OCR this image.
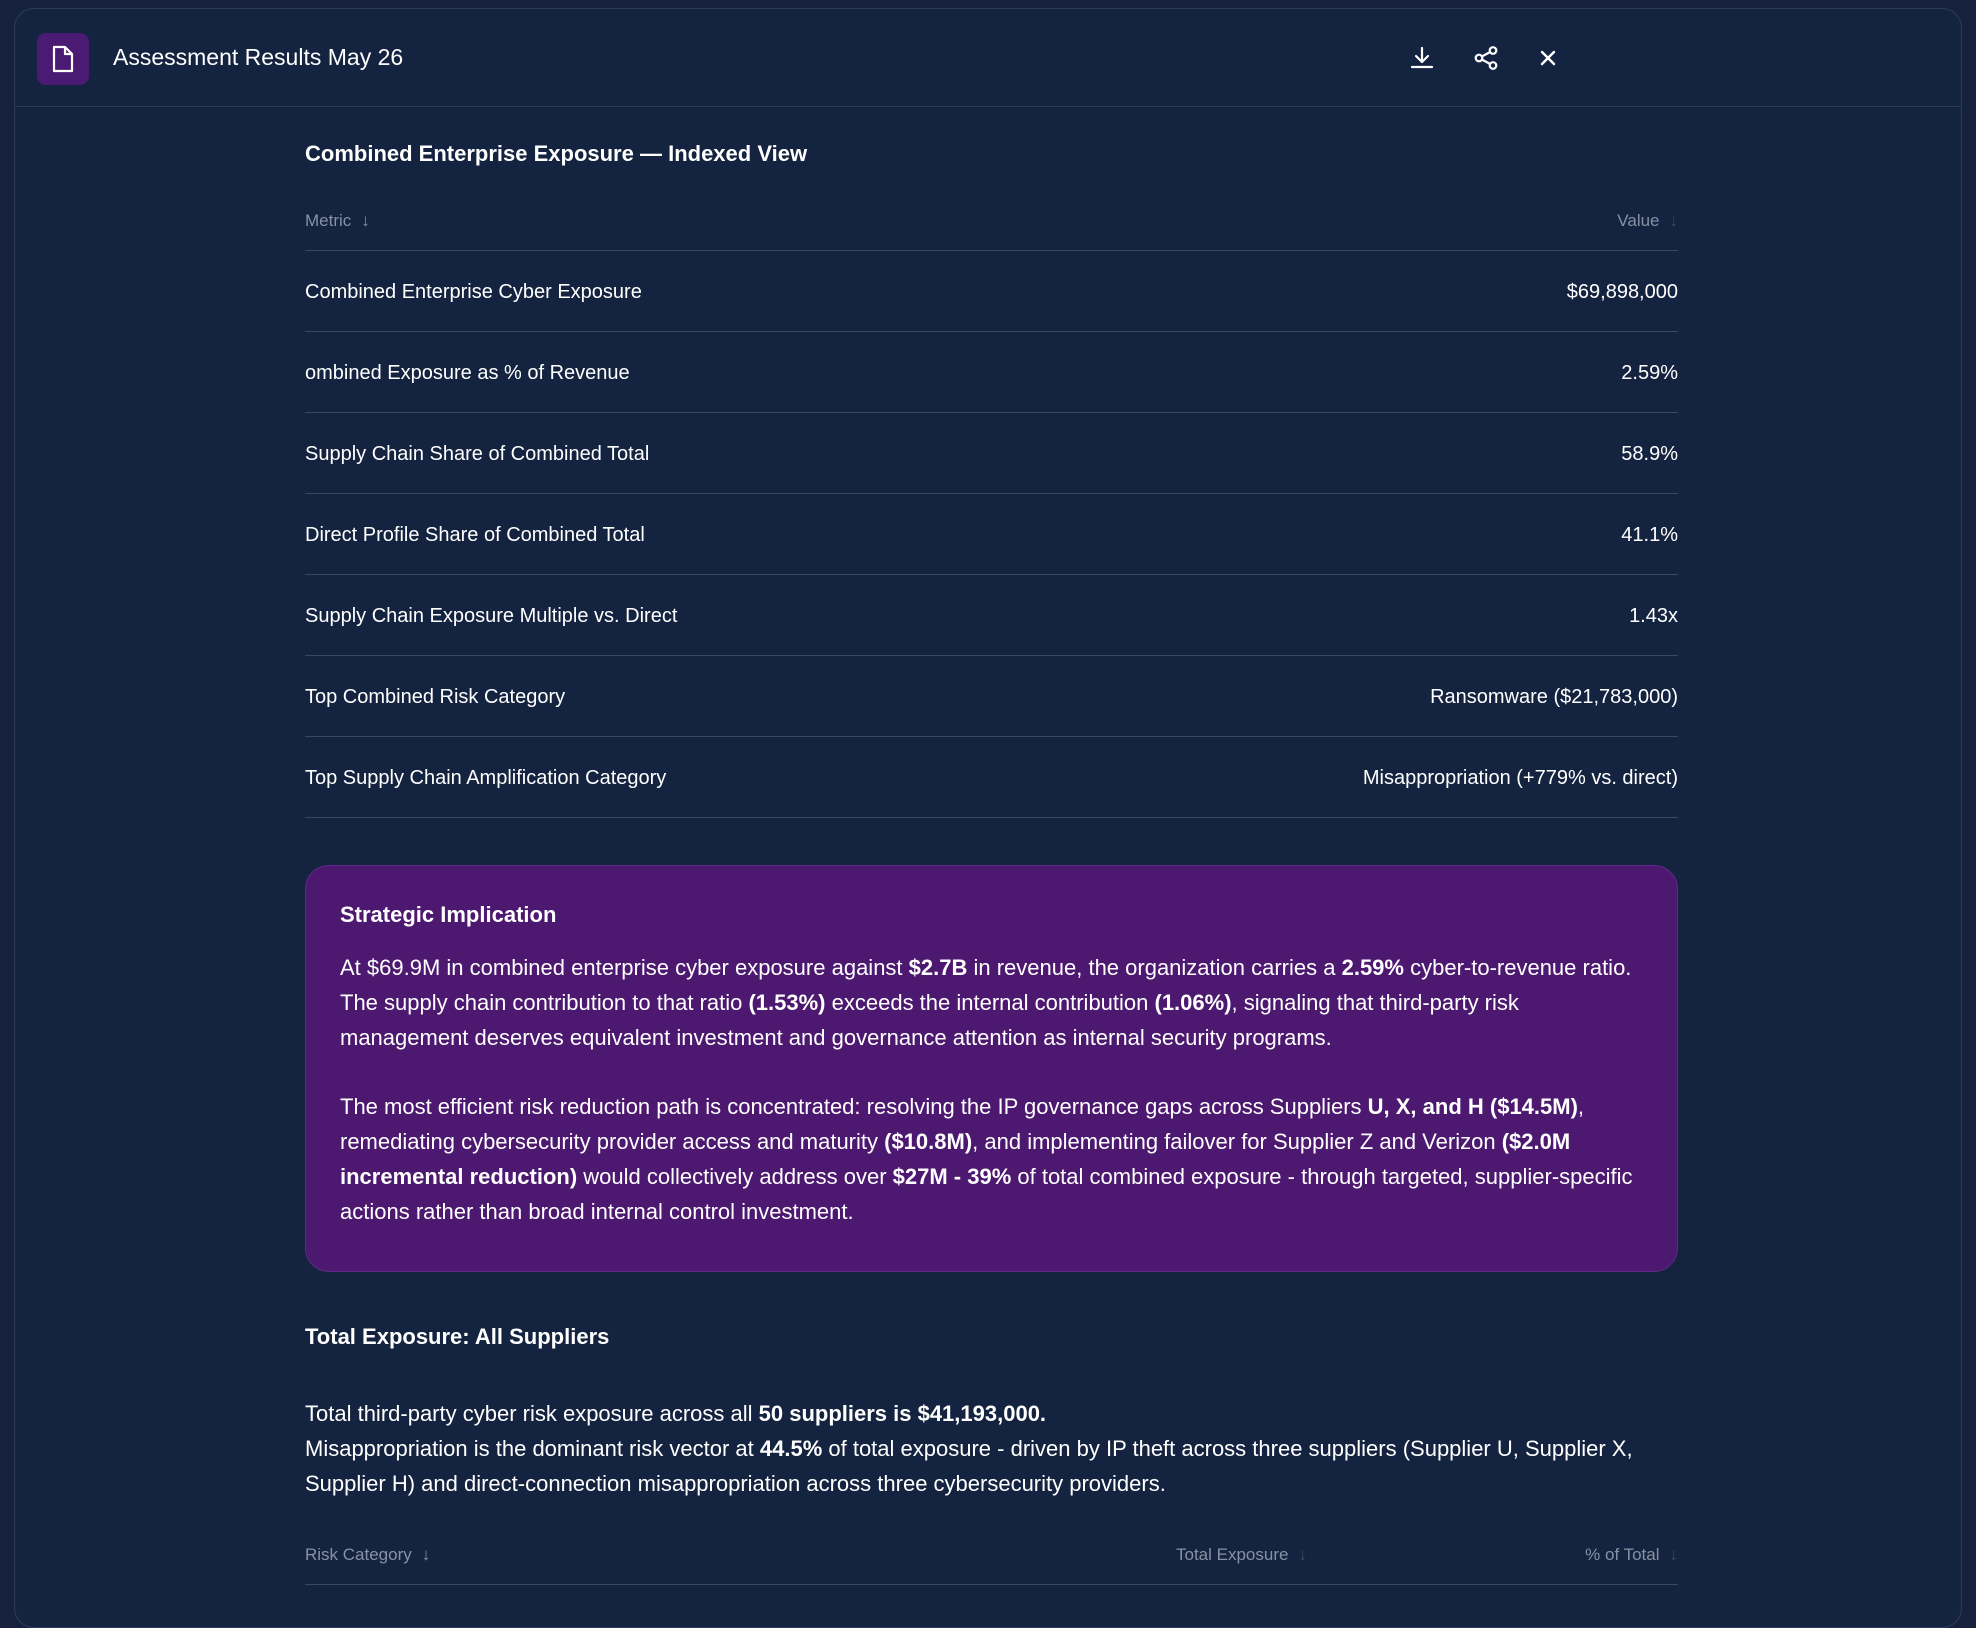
Assessment Results May 26
Combined Enterprise Exposure — Indexed View
Metric ↓	Value ↓
Combined Enterprise Cyber Exposure	$69,898,000
ombined Exposure as % of Revenue	2.59%
Supply Chain Share of Combined Total	58.9%
Direct Profile Share of Combined Total	41.1%
Supply Chain Exposure Multiple vs. Direct	1.43x
Top Combined Risk Category	Ransomware ($21,783,000)
Top Supply Chain Amplification Category	Misappropriation (+779% vs. direct)
Strategic Implication

At $69.9M in combined enterprise cyber exposure against $2.7B in revenue, the organization carries a 2.59% cyber-to-revenue ratio. The supply chain contribution to that ratio (1.53%) exceeds the internal contribution (1.06%), signaling that third-party risk management deserves equivalent investment and governance attention as internal security programs.

The most efficient risk reduction path is concentrated: resolving the IP governance gaps across Suppliers U, X, and H ($14.5M), remediating cybersecurity provider access and maturity ($10.8M), and implementing failover for Supplier Z and Verizon ($2.0M incremental reduction) would collectively address over $27M - 39% of total combined exposure - through targeted, supplier-specific actions rather than broad internal control investment.

Total Exposure: All Suppliers
Total third-party cyber risk exposure across all 50 suppliers is $41,193,000.
Misappropriation is the dominant risk vector at 44.5% of total exposure - driven by IP theft across three suppliers (Supplier U, Supplier X, Supplier H) and direct-connection misappropriation across three cybersecurity providers.
Risk Category ↓	Total Exposure ↓	% of Total ↓
